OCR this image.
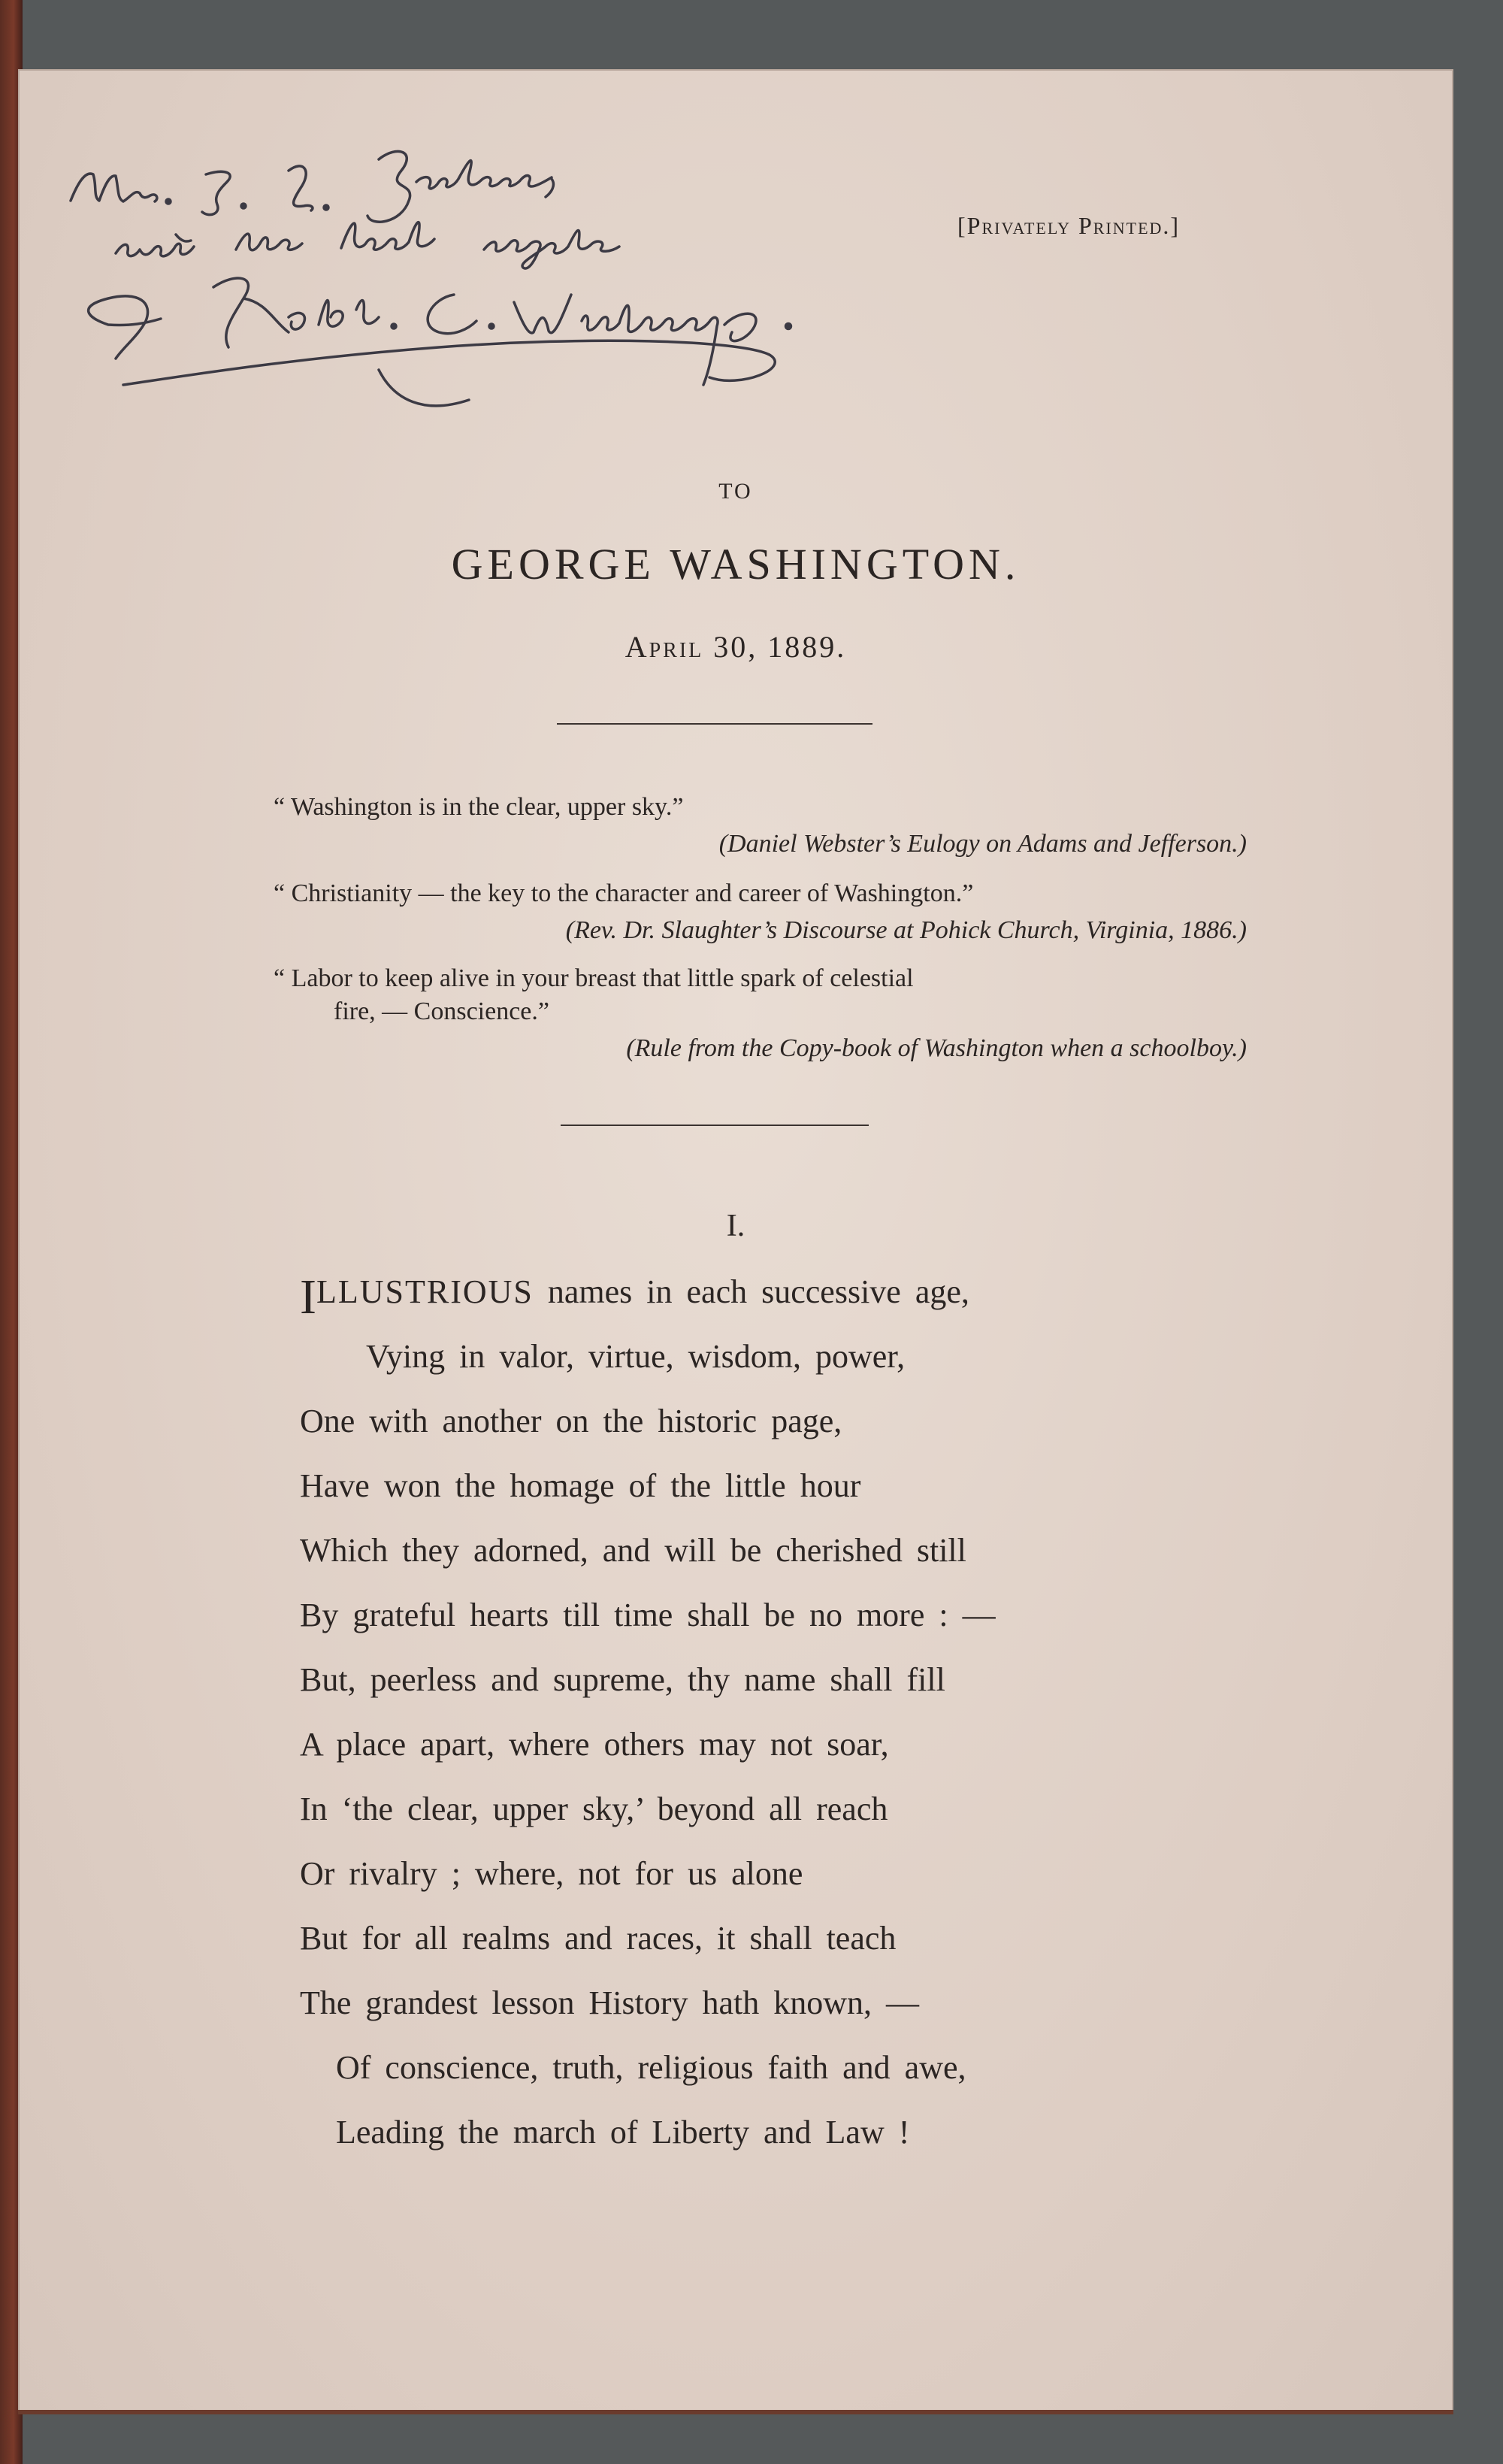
[Privately Printed.]
TO
GEORGE WASHINGTON.
April 30, 1889.
“ Washington is in the clear, upper sky.”
(Daniel Webster’s Eulogy on Adams and Jefferson.)
“ Christianity — the key to the character and career of Washington.”
(Rev. Dr. Slaughter’s Discourse at Pohick Church, Virginia, 1886.)
“ Labor to keep alive in your breast that little spark of celestial
fire, — Conscience.”
(Rule from the Copy-book of Washington when a schoolboy.)
I.
ILLUSTRIOUS names in each successive age,
Vying in valor, virtue, wisdom, power,
One with another on the historic page,
Have won the homage of the little hour
Which they adorned, and will be cherished still
By grateful hearts till time shall be no more : —
But, peerless and supreme, thy name shall fill
A place apart, where others may not soar,
In ‘the clear, upper sky,’ beyond all reach
Or rivalry ; where, not for us alone
But for all realms and races, it shall teach
The grandest lesson History hath known, —
Of conscience, truth, religious faith and awe,
Leading the march of Liberty and Law !
